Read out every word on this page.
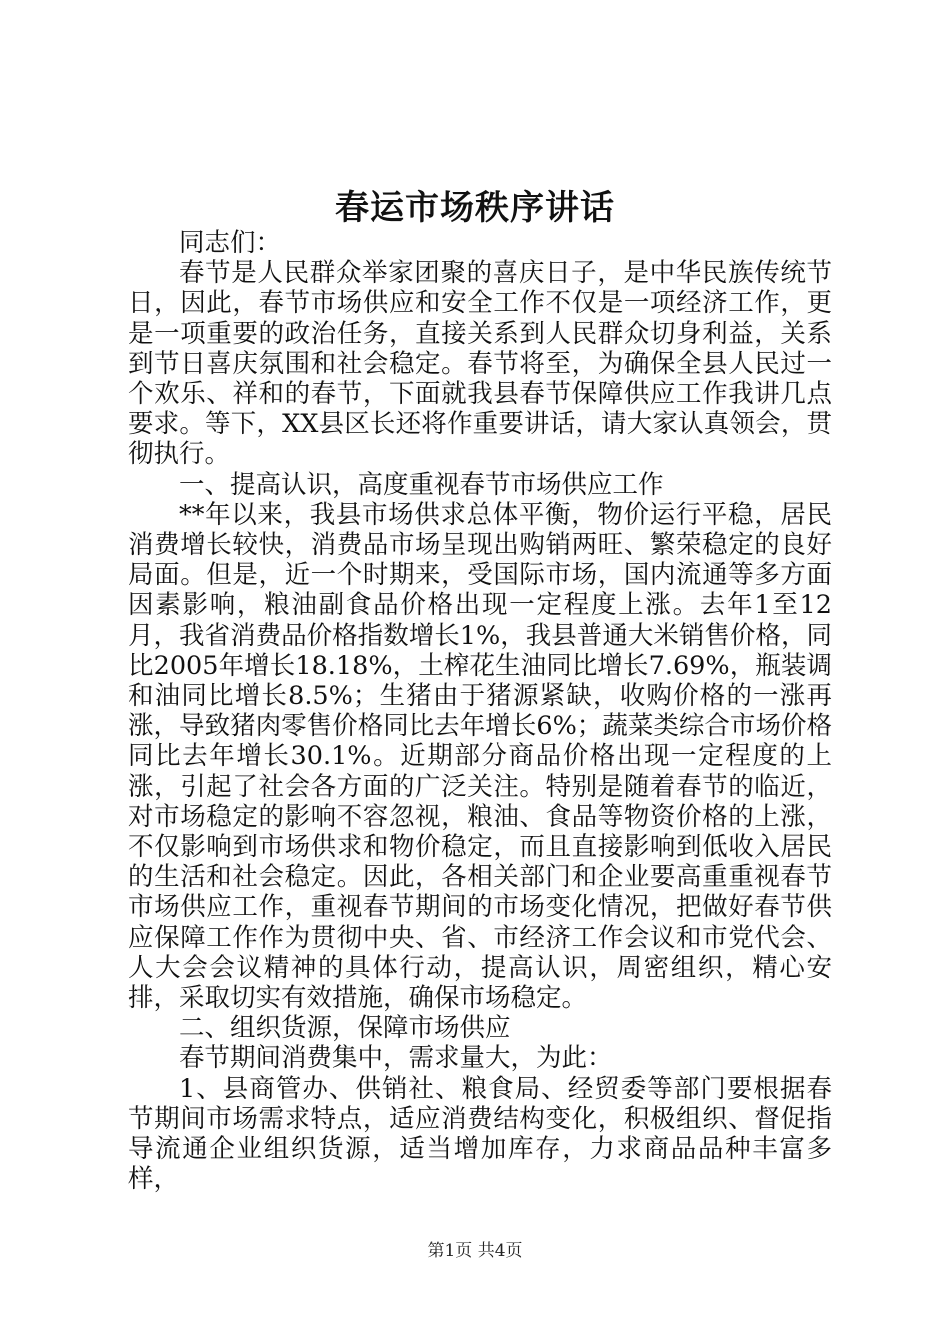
春运市场秩序讲话

同志们：

春节是人民群众举家团聚的喜庆日子，是中华民族传统节日，因此，春节市场供应和安全工作不仅是一项经济工作，更是一项重要的政治任务，直接关系到人民群众切身利益，关系到节日喜庆氛围和社会稳定。春节将至，为确保全县人民过一个欢乐、祥和的春节，下面就我县春节保障供应工作我讲几点要求。等下，XX县区长还将作重要讲话，请大家认真领会，贯彻执行。

一、提高认识，高度重视春节市场供应工作

**年以来，我县市场供求总体平衡，物价运行平稳，居民消费增长较快，消费品市场呈现出购销两旺、繁荣稳定的良好局面。但是，近一个时期来，受国际市场，国内流通等多方面因素影响，粮油副食品价格出现一定程度上涨。去年1至12月，我省消费品价格指数增长1%，我县普通大米销售价格，同比2005年增长18.18%，土榨花生油同比增长7.69%，瓶装调和油同比增长8.5%；生猪由于猪源紧缺，收购价格的一涨再涨，导致猪肉零售价格同比去年增长6%；蔬菜类综合市场价格同比去年增长30.1%。近期部分商品价格出现一定程度的上涨，引起了社会各方面的广泛关注。特别是随着春节的临近，对市场稳定的影响不容忽视，粮油、食品等物资价格的上涨，不仅影响到市场供求和物价稳定，而且直接影响到低收入居民的生活和社会稳定。因此，各相关部门和企业要高重重视春节市场供应工作，重视春节期间的市场变化情况，把做好春节供应保障工作作为贯彻中央、省、市经济工作会议和市党代会、人大会会议精神的具体行动，提高认识，周密组织，精心安排，采取切实有效措施，确保市场稳定。

二、组织货源，保障市场供应

春节期间消费集中，需求量大，为此：

1、县商管办、供销社、粮食局、经贸委等部门要根据春节期间市场需求特点，适应消费结构变化，积极组织、督促指导流通企业组织货源，适当增加库存，力求商品品种丰富多样，

第1页 共4页
